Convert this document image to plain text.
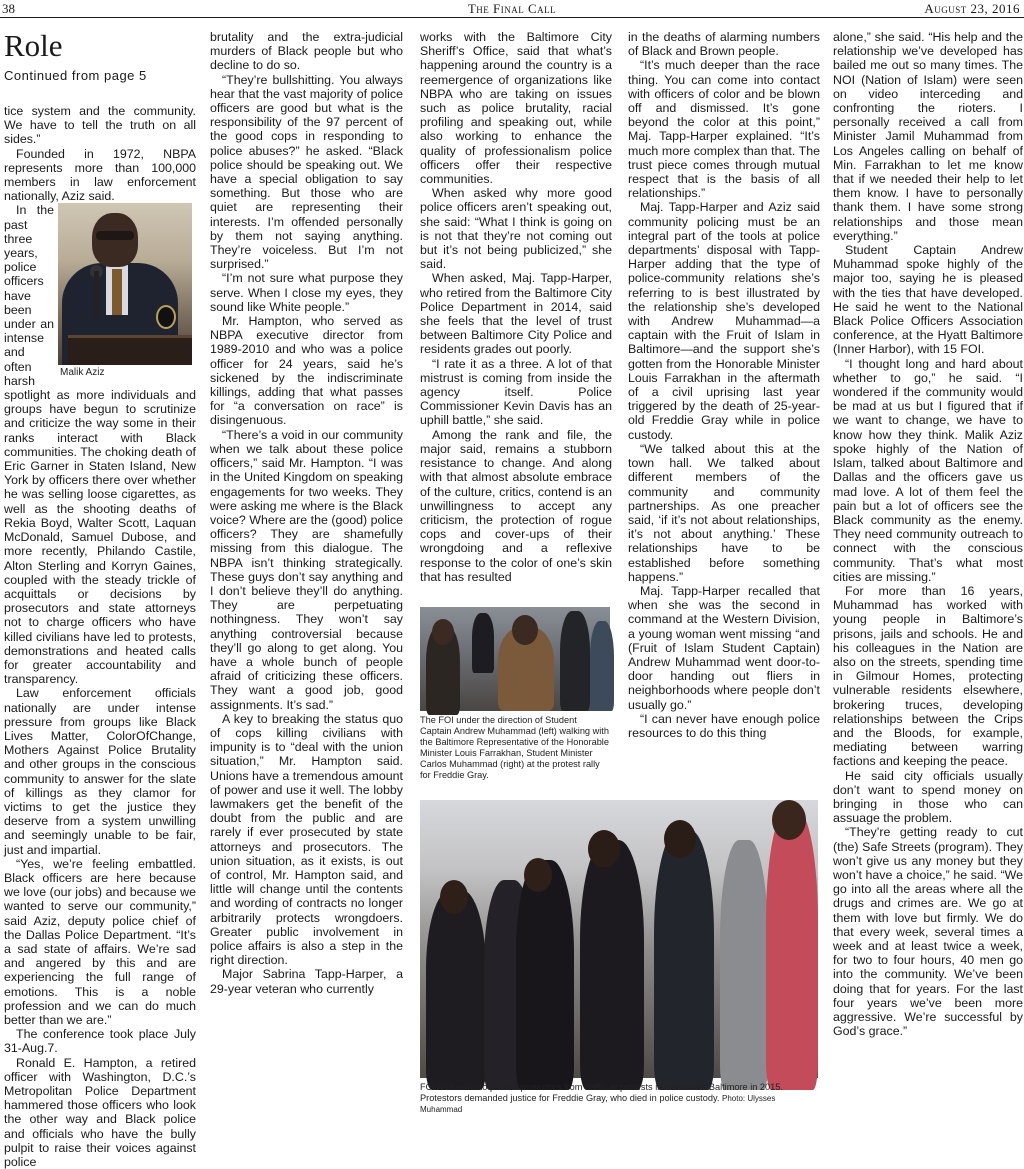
38	The Final Call	August 23, 2016
Role
Continued from page 5

tice system and the community. We have to tell the truth on all sides.”

Founded in 1972, NBPA represents more than 100,000 members in law enforcement nationally, Aziz said.

In the past three years, police officers have been under an intense and often harsh spotlight as more individuals and groups have begun to scrutinize and criticize the way some in their ranks interact with Black communities. The choking death of Eric Garner in Staten Island, New York by officers there over whether he was selling loose cigarettes, as well as the shooting deaths of Rekia Boyd, Walter Scott, Laquan McDonald, Samuel Dubose, and more recently, Philando Castile, Alton Sterling and Korryn Gaines, coupled with the steady trickle of acquittals or decisions by prosecutors and state attorneys not to charge officers who have killed civilians have led to protests, demonstrations and heated calls for greater accountability and transparency.

Law enforcement officials nationally are under intense pressure from groups like Black Lives Matter, ColorOfChange, Mothers Against Police Brutality and other groups in the conscious community to answer for the slate of killings as they clamor for victims to get the justice they deserve from a system unwilling and seemingly unable to be fair, just and impartial.

“Yes, we’re feeling embattled. Black officers are here because we love (our jobs) and because we wanted to serve our community,” said Aziz, deputy police chief of the Dallas Police Department. “It’s a sad state of affairs. We’re sad and angered by this and are experiencing the full range of emotions. This is a noble profession and we can do much better than we are.”

The conference took place July 31-Aug.7.

Ronald E. Hampton, a retired officer with Washington, D.C.’s Metropolitan Police Department hammered those officers who look the other way and Black police and officials who have the bully pulpit to raise their voices against police

brutality and the extra-judicial murders of Black people but who decline to do so.

“They’re bullshitting. You always hear that the vast majority of police officers are good but what is the responsibility of the 97 percent of the good cops in responding to police abuses?” he asked. “Black police should be speaking out. We have a special obligation to say something. But those who are quiet are representing their interests. I’m offended personally by them not saying anything. They’re voiceless. But I’m not surprised.”

“I’m not sure what purpose they serve. When I close my eyes, they sound like White people.”

Mr. Hampton, who served as NBPA executive director from 1989-2010 and who was a police officer for 24 years, said he’s sickened by the indiscriminate killings, adding that what passes for “a conversation on race” is disingenuous.

“There’s a void in our community when we talk about these police officers,” said Mr. Hampton. “I was in the United Kingdom on speaking engagements for two weeks. They were asking me where is the Black voice? Where are the (good) police officers? They are shamefully missing from this dialogue. The NBPA isn’t thinking strategically. These guys don’t say anything and I don’t believe they’ll do anything. They are perpetuating nothingness. They won’t say anything controversial because they’ll go along to get along. You have a whole bunch of people afraid of criticizing these officers. They want a good job, good assignments. It’s sad.”

A key to breaking the status quo of cops killing civilians with impunity is to “deal with the union situation,” Mr. Hampton said. Unions have a tremendous amount of power and use it well. The lobby lawmakers get the benefit of the doubt from the public and are rarely if ever prosecuted by state attorneys and prosecutors. The union situation, as it exists, is out of control, Mr. Hampton said, and little will change until the contents and wording of contracts no longer arbitrarily protects wrongdoers. Greater public involvement in police affairs is also a step in the right direction.

Major Sabrina Tapp-Harper, a 29-year veteran who currently

works with the Baltimore City Sheriff’s Office, said that what’s happening around the country is a reemergence of organizations like NBPA who are taking on issues such as police brutality, racial profiling and speaking out, while also working to enhance the quality of professionalism police officers offer their respective communities.

When asked why more good police officers aren’t speaking out, she said: “What I think is going on is not that they’re not coming out but it’s not being publicized,” she said.

When asked, Maj. Tapp-Harper, who retired from the Baltimore City Police Department in 2014, said she feels that the level of trust between Baltimore City Police and residents grades out poorly.

“I rate it as a three. A lot of that mistrust is coming from inside the agency itself. Police Commissioner Kevin Davis has an uphill battle,” she said.

Among the rank and file, the major said, remains a stubborn resistance to change. And along with that almost absolute embrace of the culture, critics, contend is an unwillingness to accept any criticism, the protection of rogue cops and cover-ups of their wrongdoing and a reflexive response to the color of one’s skin that has resulted

in the deaths of alarming numbers of Black and Brown people.

“It’s much deeper than the race thing. You can come into contact with officers of color and be blown off and dismissed. It’s gone beyond the color at this point,” Maj. Tapp-Harper explained. “It’s much more complex than that. The trust piece comes through mutual respect that is the basis of all relationships.”

Maj. Tapp-Harper and Aziz said community policing must be an integral part of the tools at police departments’ disposal with Tapp-Harper adding that the type of police-community relations she’s referring to is best illustrated by the relationship she’s developed with Andrew Muhammad—a captain with the Fruit of Islam in Baltimore—and the support she’s gotten from the Honorable Minister Louis Farrakhan in the aftermath of a civil uprising last year triggered by the death of 25-year-old Freddie Gray while in police custody.

“We talked about this at the town hall. We talked about different members of the community and community partnerships. As one preacher said, ‘if it’s not about relationships, it’s not about anything.’ These relationships have to be established before something happens.”

Maj. Tapp-Harper recalled that when she was the second in command at the Western Division, a young woman went missing “and (Fruit of Islam Student Captain) Andrew Muhammad went door-to-door handing out fliers in neighborhoods where people don’t usually go.”

“I can never have enough police resources to do this thing

alone,” she said. “His help and the relationship we’ve developed has bailed me out so many times. The NOI (Nation of Islam) were seen on video interceding and confronting the rioters. I personally received a call from Minister Jamil Muhammad from Los Angeles calling on behalf of Min. Farrakhan to let me know that if we needed their help to let them know. I have to personally thank them. I have some strong relationships and those mean everything.”

Student Captain Andrew Muhammad spoke highly of the major too, saying he is pleased with the ties that have developed. He said he went to the National Black Police Officers Association conference, at the Hyatt Baltimore (Inner Harbor), with 15 FOI.

“I thought long and hard about whether to go,” he said. “I wondered if the community would be mad at us but I figured that if we want to change, we have to know how they think. Malik Aziz spoke highly of the Nation of Islam, talked about Baltimore and Dallas and the officers gave us mad love. A lot of them feel the pain but a lot of officers see the Black community as the enemy. They need community outreach to connect with the conscious community. That’s what most cities are missing.”

For more than 16 years, Muhammad has worked with young people in Baltimore’s prisons, jails and schools. He and his colleagues in the Nation are also on the streets, spending time in Gilmour Homes, protecting vulnerable residents elsewhere, brokering truces, developing relationships between the Crips and the Bloods, for example, mediating between warring factions and keeping the peace.

He said city officials usually don’t want to spend money on bringing in those who can assuage the problem.

“They’re getting ready to cut (the) Safe Streets (program). They won’t give us any money but they won’t have a choice,” he said. “We go into all the areas where all the drugs and crimes are. We go at them with love but firmly. We do that every week, several times a week and at least twice a week, for two to four hours, 40 men go into the community. We’ve been doing that for years. For the last four years we’ve been more aggressive. We’re successful by God’s grace.”

Malik Aziz
The FOI under the direction of Student Captain Andrew Muhammad (left) walking with the Baltimore Representative of the Honorable Minister Louis Farrakhan, Student Minister Carlos Muhammad (right) at the protest rally for Freddie Gray.
FOI lock arms to protect protestors from traffic at protests in downtown Baltimore in 2015. Protestors demanded justice for Freddie Gray, who died in police custody. Photo: Ulysses Muhammad
